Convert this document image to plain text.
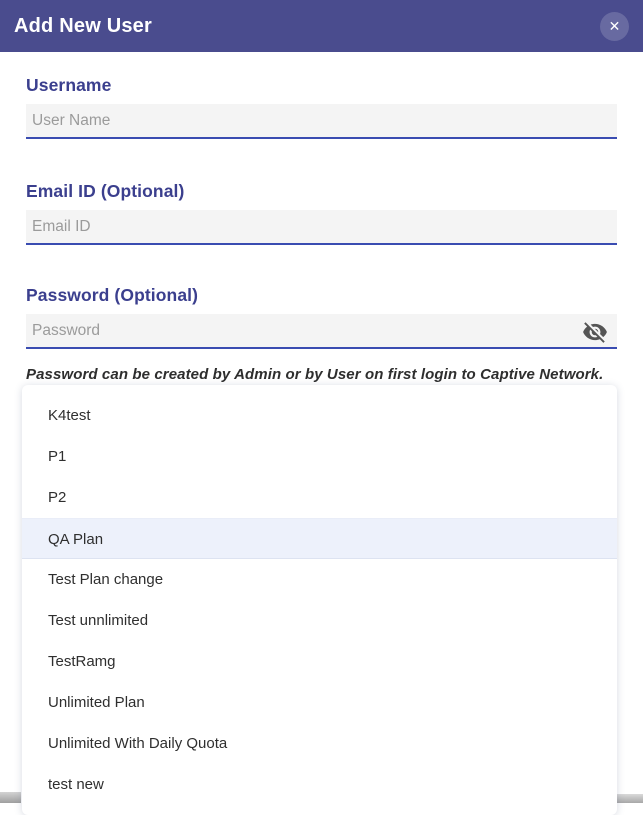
Add New User	✕
Username
User Name
Email ID (Optional)
Email ID
Password (Optional)
Password
Password can be created by Admin or by User on first login to Captive Network.
K4test
P1
P2
QA Plan
Test Plan change
Test unnlimited
TestRamg
Unlimited Plan
Unlimited With Daily Quota
test new
